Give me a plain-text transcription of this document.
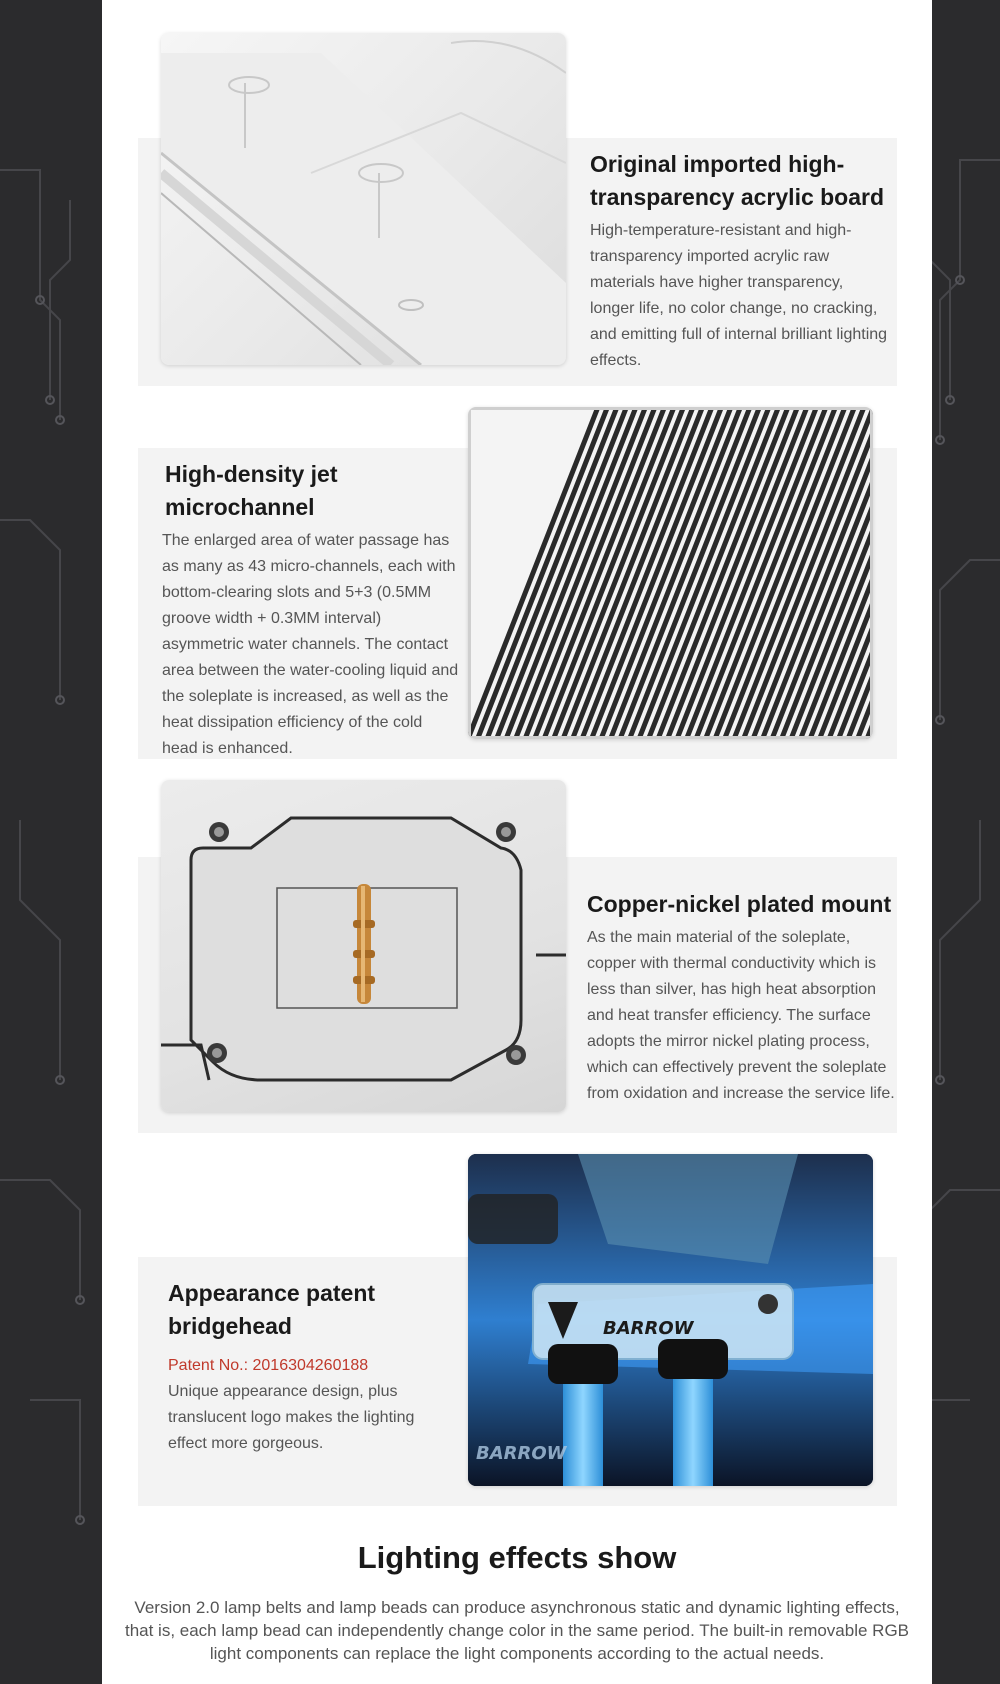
Original imported high-transparency acrylic board

High-temperature-resistant and high-transparency imported acrylic raw materials have higher transparency, longer life, no color change, no cracking, and emitting full of internal brilliant lighting effects.

High-density jet microchannel

The enlarged area of water passage has as many as 43 micro-channels, each with bottom-clearing slots and 5+3 (0.5MM groove width + 0.3MM interval) asymmetric water channels. The contact area between the water-cooling liquid and the soleplate is increased, as well as the heat dissipation efficiency of the cold head is enhanced.

Copper-nickel plated mount

As the main material of the soleplate, copper with thermal conductivity which is less than silver, has high heat absorption and heat transfer efficiency. The surface adopts the mirror nickel plating process, which can effectively prevent the soleplate from oxidation and increase the service life.

BARROW
BARROW

Appearance patent bridgehead

Patent No.: 2016304260188

Unique appearance design, plus translucent logo makes the lighting effect more gorgeous.

Lighting effects show

Version 2.0 lamp belts and lamp beads can produce asynchronous static and dynamic lighting effects, that is, each lamp bead can independently change color in the same period. The built-in removable RGB light components can replace the light components according to the actual needs.
